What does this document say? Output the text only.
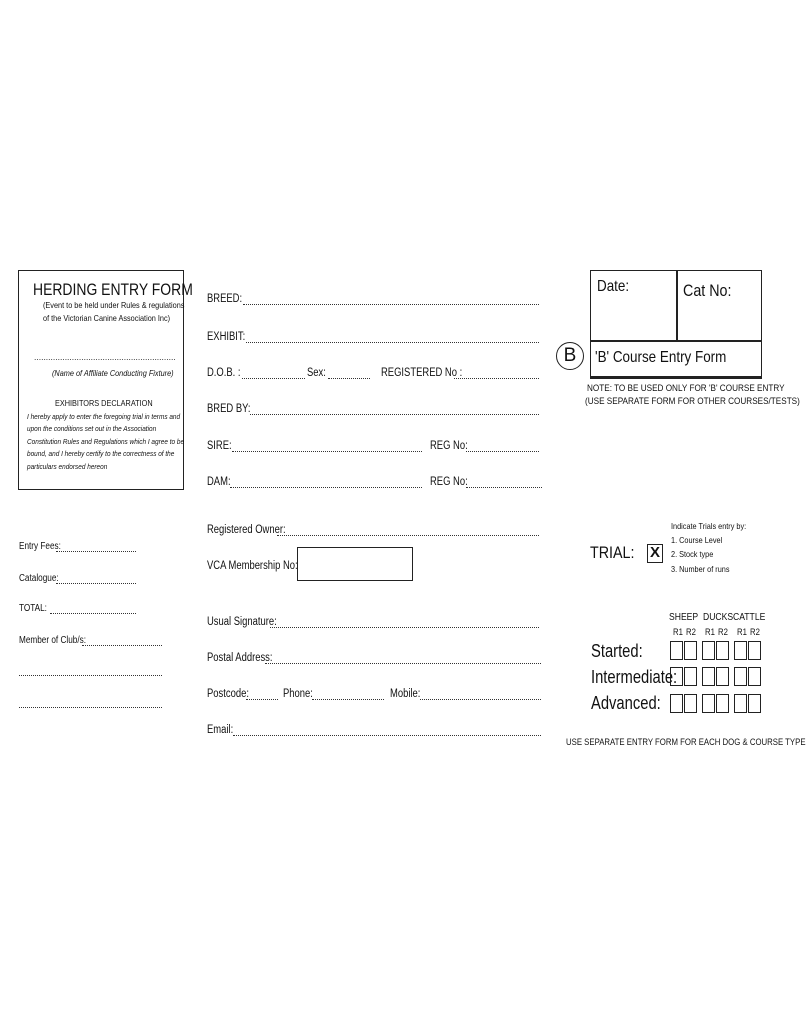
HERDING ENTRY FORM
(Event to be held under Rules & regulations
of the Victorian Canine Association Inc)
............................................................
(Name of Affiliate Conducting Fixture)
EXHIBITORS DECLARATION
I hereby apply to enter the foregoing trial in terms and
upon the conditions set out in the Association
Constitution Rules and Regulations which I agree to be
bound, and I hereby certify to the correctness of the
particulars endorsed hereon
Entry Fees:
Catalogue:
TOTAL:
Member of Club/s:
BREED:
EXHIBIT:
D.O.B. :	Sex:	REGISTERED No :
BRED BY:
SIRE:	REG No:
DAM:	REG No:
Registered Owner:
VCA Membership No:
Usual Signature:
Postal Address:
Postcode:	Phone:	Mobile:
Email:
Date:	Cat No:
B	'B' Course Entry Form
NOTE: TO BE USED ONLY FOR 'B' COURSE ENTRY
(USE SEPARATE FORM FOR OTHER COURSES/TESTS)
Indicate Trials entry by:
1. Course Level
2. Stock type
3. Number of runs
TRIAL: X
SHEEP DUCKS CATTLE
R1 R2 R1 R2 R1 R2
Started:
Intermediate:
Advanced:
USE SEPARATE ENTRY FORM FOR EACH DOG & COURSE TYPE
